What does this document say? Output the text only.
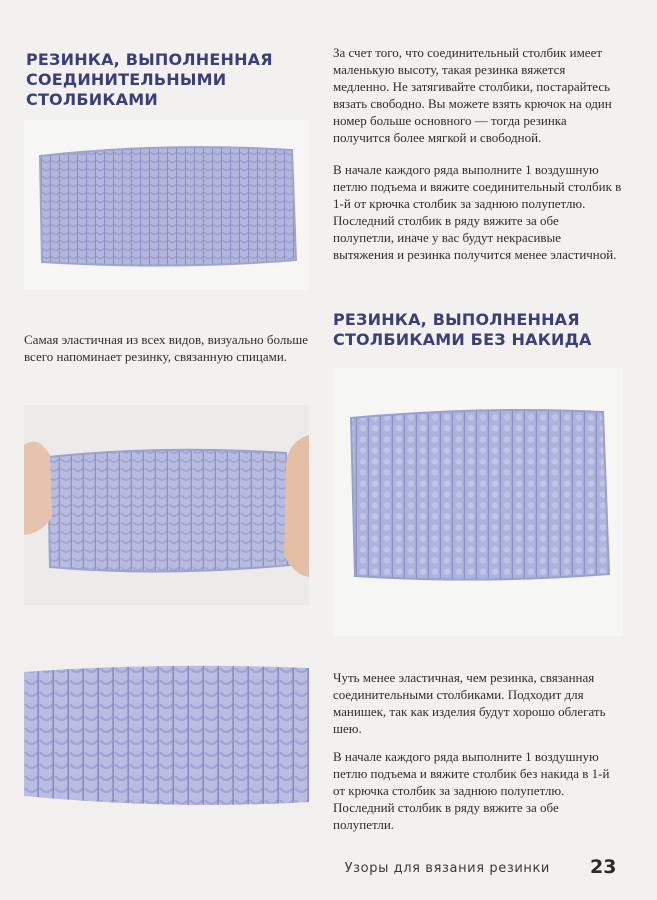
РЕЗИНКА, ВЫПОЛНЕННАЯ
СОЕДИНИТЕЛЬНЫМИ СТОЛБИКАМИ

Самая эластичная из всех видов, визуально больше всего напоминает резинку, связанную спицами.

За счет того, что соединительный столбик имеет маленькую высоту, такая резинка вяжется медленно. Не затягивайте столбики, постарайтесь вязать свободно. Вы можете взять крючок на один номер больше основного — тогда резинка получится более мягкой и свободной.

В начале каждого ряда выполните 1 воздушную петлю подъема и вяжите соединительный столбик в 1-й от крючка столбик за заднюю полупетлю. Последний столбик в ряду вяжите за обе полупетли, иначе у вас будут некрасивые вытяжения и резинка получится менее эластичной.

РЕЗИНКА, ВЫПОЛНЕННАЯ
СТОЛБИКАМИ БЕЗ НАКИДА

Чуть менее эластичная, чем резинка, связанная соединительными столбиками. Подходит для манишек, так как изделия будут хорошо облегать шею.

В начале каждого ряда выполните 1 воздушную петлю подъема и вяжите столбик без накида в 1-й от крючка столбик за заднюю полупетлю. Последний столбик в ряду вяжите за обе полупетли.

Узоры для вязания резинки 23
